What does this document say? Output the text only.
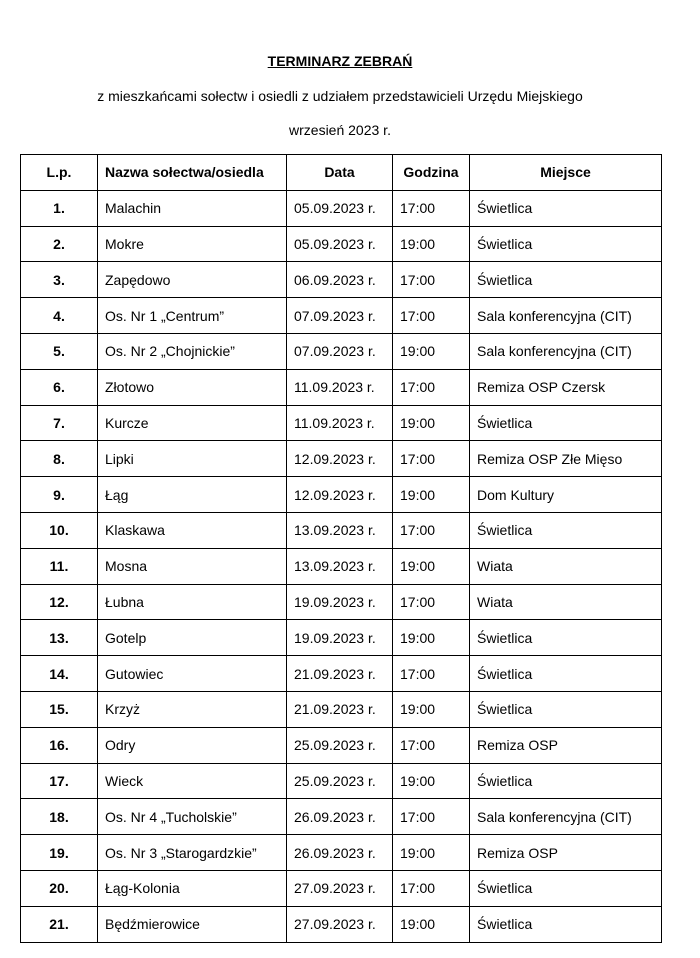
TERMINARZ ZEBRAŃ
z mieszkańcami sołectw i osiedli z udziałem przedstawicieli Urzędu Miejskiego
wrzesień 2023 r.
L.p.	Nazwa sołectwa/osiedla	Data	Godzina	Miejsce
1.	Malachin	05.09.2023 r.	17:00	Świetlica
2.	Mokre	05.09.2023 r.	19:00	Świetlica
3.	Zapędowo	06.09.2023 r.	17:00	Świetlica
4.	Os. Nr 1 „Centrum”	07.09.2023 r.	17:00	Sala konferencyjna (CIT)
5.	Os. Nr 2 „Chojnickie”	07.09.2023 r.	19:00	Sala konferencyjna (CIT)
6.	Złotowo	11.09.2023 r.	17:00	Remiza OSP Czersk
7.	Kurcze	11.09.2023 r.	19:00	Świetlica
8.	Lipki	12.09.2023 r.	17:00	Remiza OSP Złe Mięso
9.	Łąg	12.09.2023 r.	19:00	Dom Kultury
10.	Klaskawa	13.09.2023 r.	17:00	Świetlica
11.	Mosna	13.09.2023 r.	19:00	Wiata
12.	Łubna	19.09.2023 r.	17:00	Wiata
13.	Gotelp	19.09.2023 r.	19:00	Świetlica
14.	Gutowiec	21.09.2023 r.	17:00	Świetlica
15.	Krzyż	21.09.2023 r.	19:00	Świetlica
16.	Odry	25.09.2023 r.	17:00	Remiza OSP
17.	Wieck	25.09.2023 r.	19:00	Świetlica
18.	Os. Nr 4 „Tucholskie”	26.09.2023 r.	17:00	Sala konferencyjna (CIT)
19.	Os. Nr 3 „Starogardzkie”	26.09.2023 r.	19:00	Remiza OSP
20.	Łąg-Kolonia	27.09.2023 r.	17:00	Świetlica
21.	Będźmierowice	27.09.2023 r.	19:00	Świetlica
